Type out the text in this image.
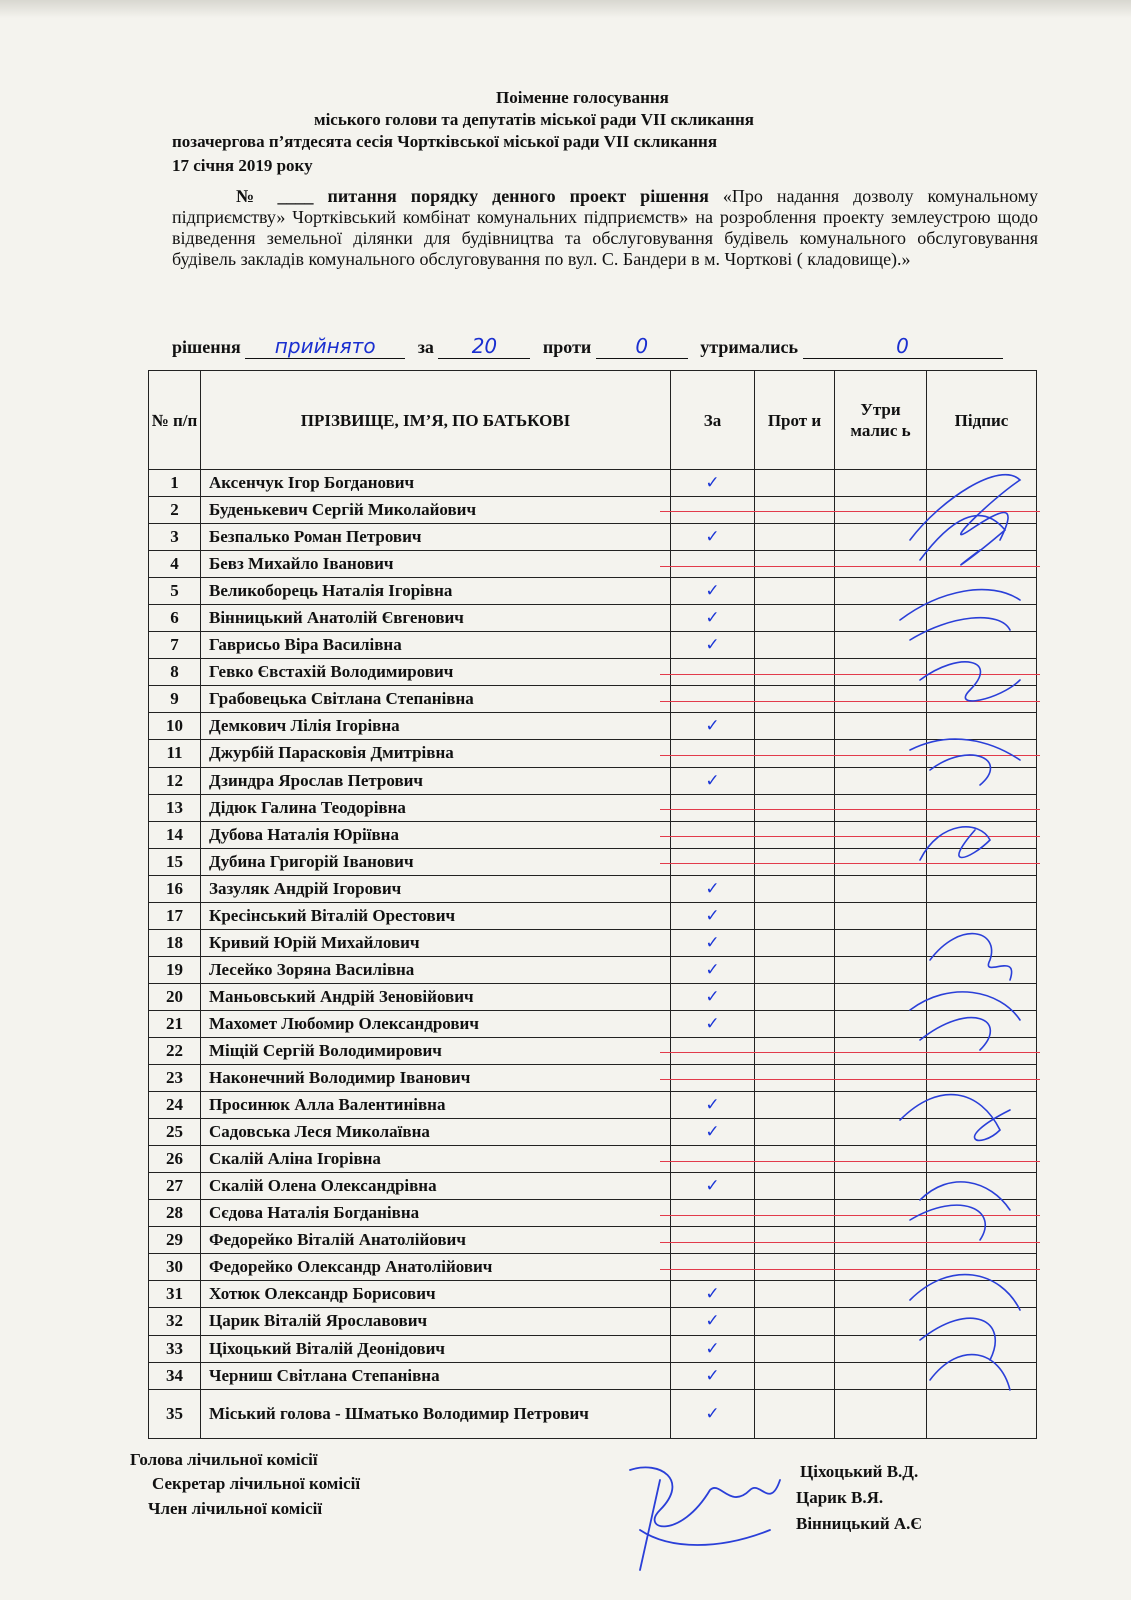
Поіменне голосування
міського голови та депутатів міської ради VII скликання
позачергова п’ятдесята сесія Чортківської міської ради VII скликання
17 січня 2019 року
№ ____ питання порядку денного проект рішення «Про надання дозволу комунальному підприємству» Чортківський комбінат комунальних підприємств» на розроблення проекту землеустрою щодо відведення земельної ділянки для будівництва та обслуговування будівель комунального обслуговування будівель закладів комунального обслуговування по вул. С. Бандери в м. Чорткові ( кладовище).»
рішення прийнято за 20	проти 0	утримались	0
№ п/п	ПРІЗВИЩЕ, ІМ’Я, ПО БАТЬКОВІ	За	Прот и	Утри малис ь	Підпис
1	Аксенчук Ігор Богданович	✓			
2	Буденькевич Сергій Миколайович				
3	Безпалько Роман Петрович	✓			
4	Бевз Михайло Іванович				
5	Великоборець Наталія Ігорівна	✓			
6	Вінницький Анатолій Євгенович	✓			
7	Гаврисьо Віра Василівна	✓			
8	Гевко Євстахій Володимирович				
9	Грабовецька Світлана Степанівна				
10	Демкович Лілія Ігорівна	✓			
11	Джурбій Парасковія Дмитрівна				
12	Дзиндра Ярослав Петрович	✓			
13	Дідюк Галина Теодорівна				
14	Дубова Наталія Юріївна				
15	Дубина Григорій Іванович				
16	Зазуляк Андрій Ігорович	✓			
17	Кресінський Віталій Орестович	✓			
18	Кривий Юрій Михайлович	✓			
19	Лесейко Зоряна Василівна	✓			
20	Маньовський Андрій Зеновійович	✓			
21	Махомет Любомир Олександрович	✓			
22	Міщій Сергій Володимирович				
23	Наконечний Володимир Іванович				
24	Просинюк Алла Валентинівна	✓			
25	Садовська Леся Миколаївна	✓			
26	Скалій Аліна Ігорівна				
27	Скалій Олена Олександрівна	✓			
28	Сєдова Наталія Богданівна				
29	Федорейко Віталій Анатолійович				
30	Федорейко Олександр Анатолійович				
31	Хотюк Олександр Борисович	✓			
32	Царик Віталій Ярославович	✓			
33	Ціхоцький Віталій Деонідович	✓			
34	Черниш Світлана Степанівна	✓			
35	Міський голова - Шматько Володимир Петрович	✓			
Голова лічильної комісії
Секретар лічильної комісії
Член лічильної комісії
Ціхоцький В.Д.
Царик В.Я.
Вінницький А.Є
